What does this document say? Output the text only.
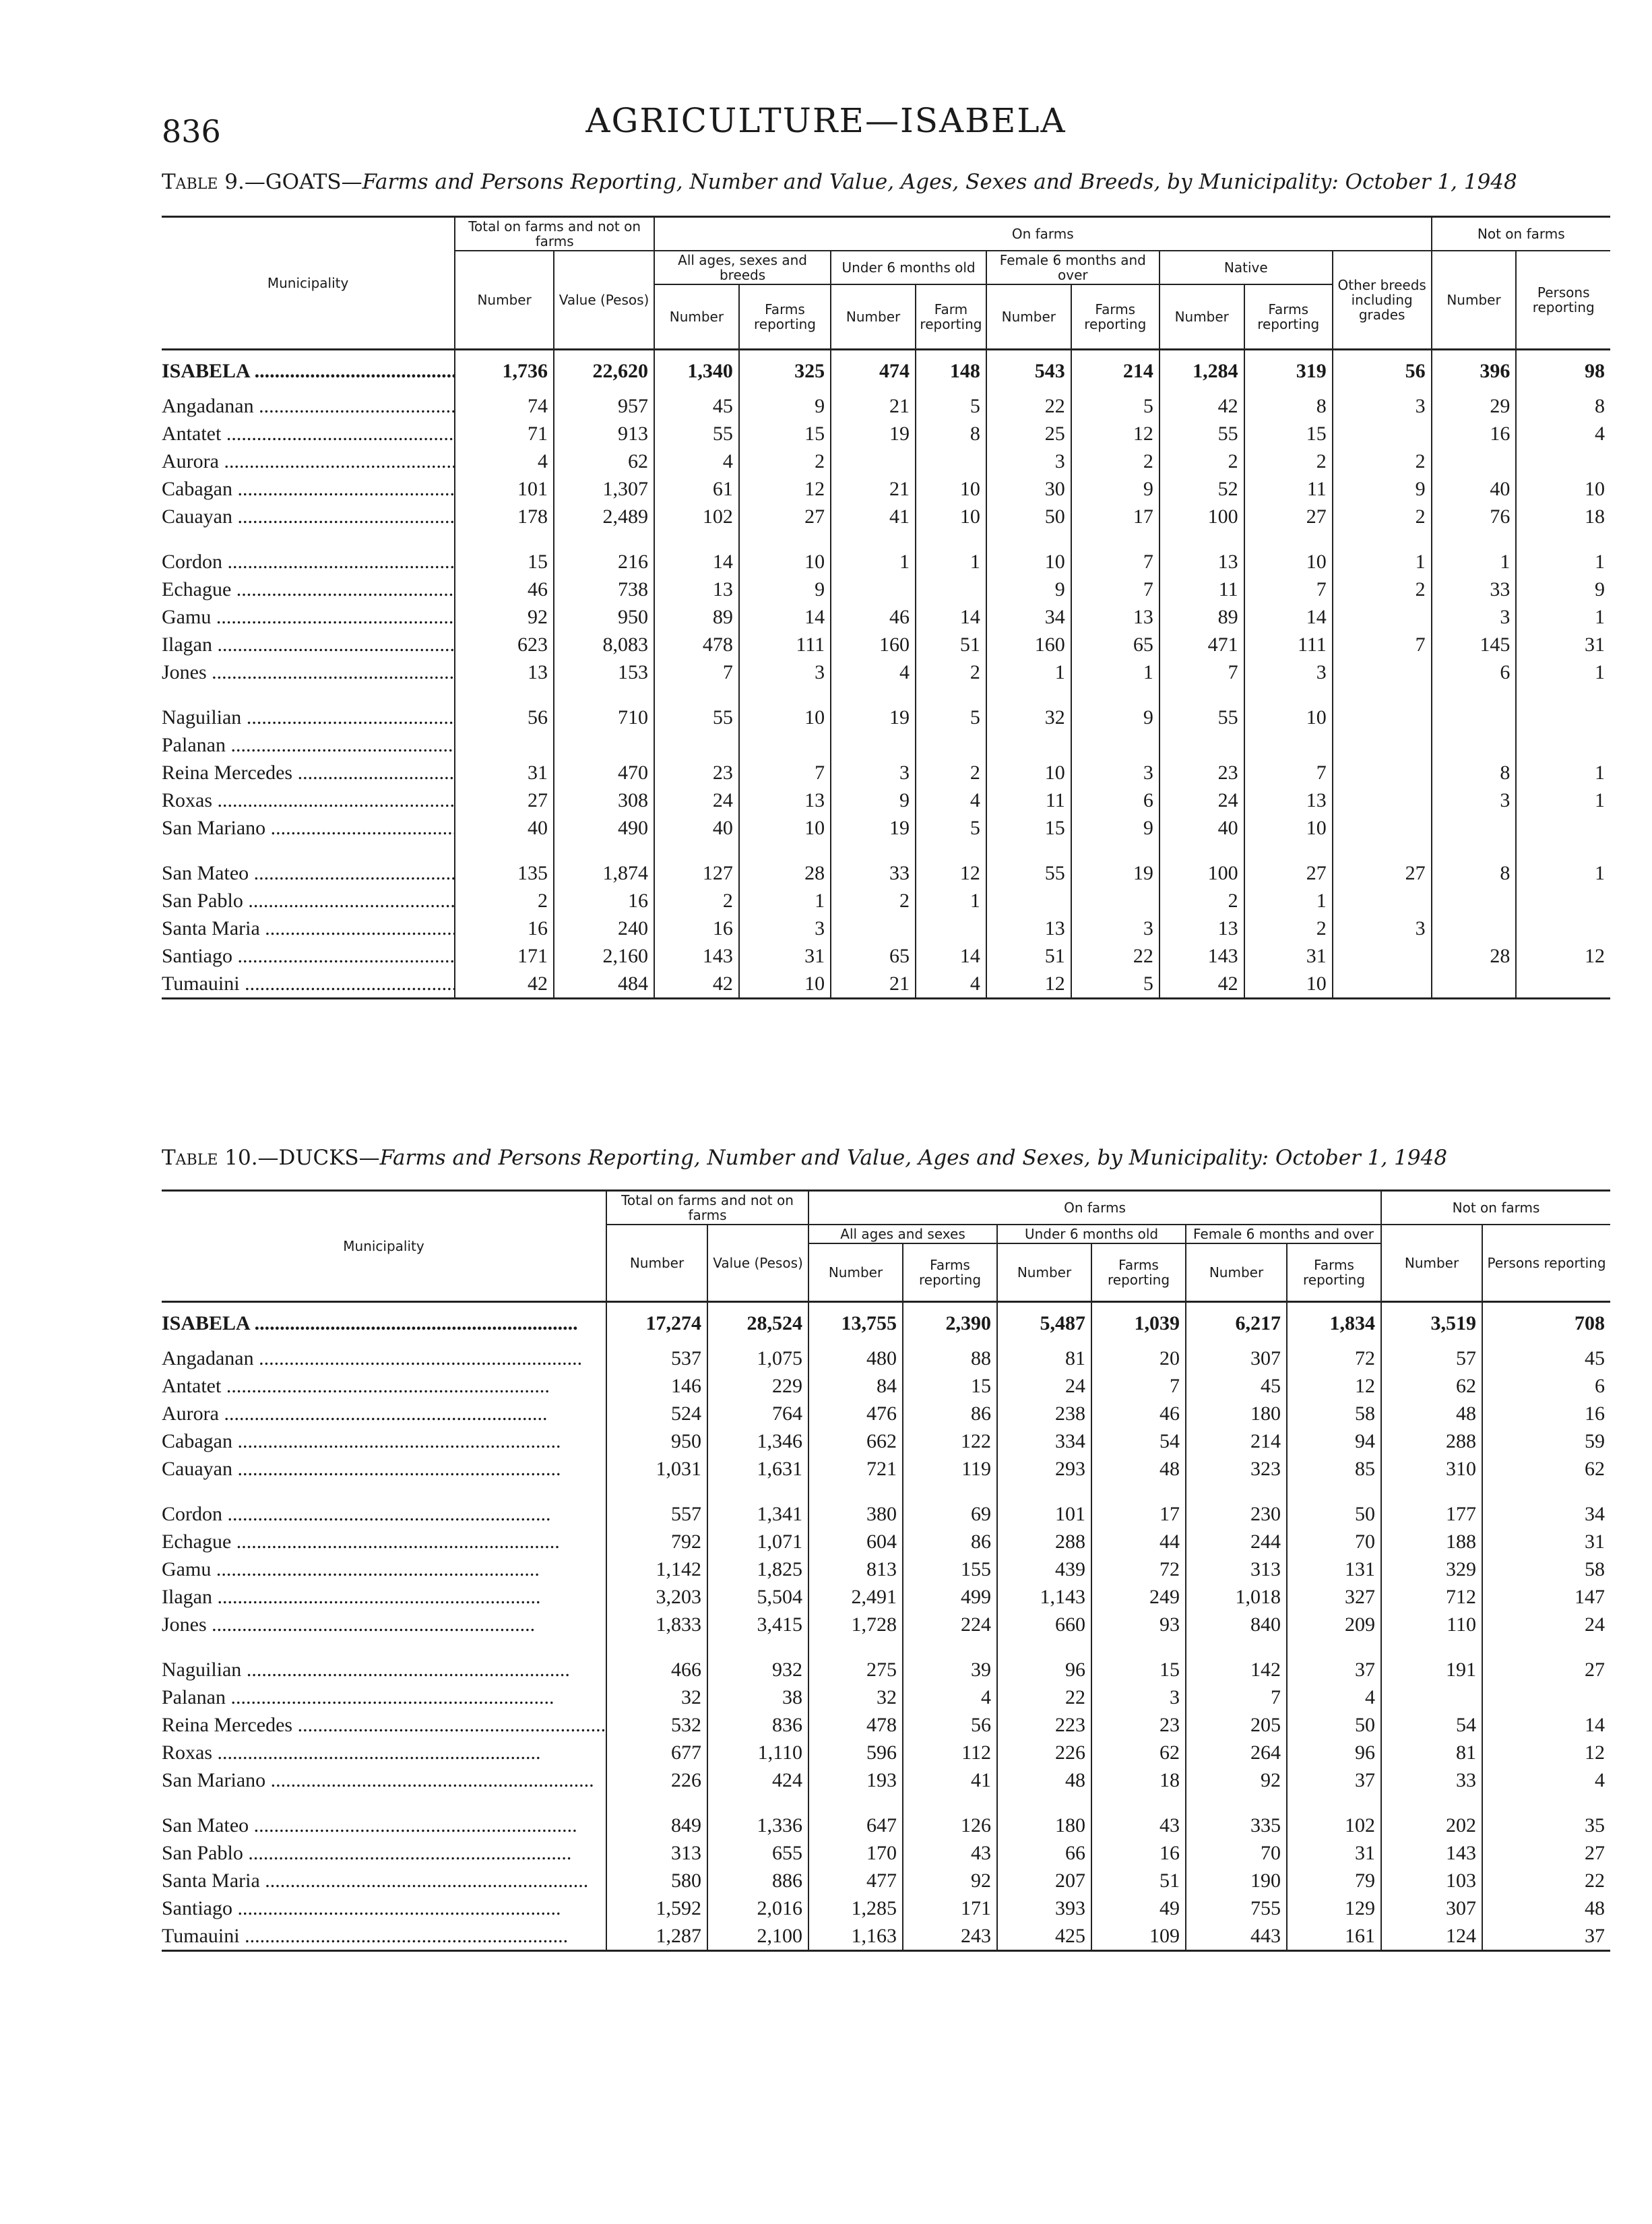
836	AGRICULTURE—ISABELA
Table 9.—GOATS—Farms and Persons Reporting, Number and Value, Ages, Sexes and Breeds, by Municipality: October 1, 1948
Municipality	Total on farms and not on farms		On farms									Not on farms	
	Number	Value (Pesos)	All ages, sexes and breeds		Under 6 months old		Female 6 months and over		Native		Other breeds including grades	Number	Persons reporting
			Number	Farms reporting	Number	Farm reporting	Number	Farms reporting	Number	Farms reporting			
ISABELA .....	1,736	22,620	1,340	325	474	148	543	214	1,284	319	56	396	98
Angadanan .....	74	957	45	9	21	5	22	5	42	8	3	29	8
Antatet .....	71	913	55	15	19	8	25	12	55	15		16	4
Aurora .....	4	62	4	2			3	2	2	2	2		
Cabagan .....	101	1,307	61	12	21	10	30	9	52	11	9	40	10
Cauayan .....	178	2,489	102	27	41	10	50	17	100	27	2	76	18

Cordon .....	15	216	14	10	1	1	10	7	13	10	1	1	1
Echague .....	46	738	13	9			9	7	11	7	2	33	9
Gamu .....	92	950	89	14	46	14	34	13	89	14		3	1
Ilagan .....	623	8,083	478	111	160	51	160	65	471	111	7	145	31
Jones .....	13	153	7	3	4	2	1	1	7	3		6	1

Naguilian .....	56	710	55	10	19	5	32	9	55	10			
Palanan .....													
Reina Mercedes .....	31	470	23	7	3	2	10	3	23	7		8	1
Roxas .....	27	308	24	13	9	4	11	6	24	13		3	1
San Mariano .....	40	490	40	10	19	5	15	9	40	10			

San Mateo .....	135	1,874	127	28	33	12	55	19	100	27	27	8	1
San Pablo .....	2	16	2	1	2	1			2	1			
Santa Maria .....	16	240	16	3			13	3	13	2	3		
Santiago .....	171	2,160	143	31	65	14	51	22	143	31		28	12
Tumauini .....	42	484	42	10	21	4	12	5	42	10			
Table 10.—DUCKS—Farms and Persons Reporting, Number and Value, Ages and Sexes, by Municipality: October 1, 1948
Municipality	Total on farms and not on farms		On farms						Not on farms	
	Number	Value (Pesos)	All ages and sexes		Under 6 months old		Female 6 months and over		Number	Persons reporting
			Number	Farms reporting	Number	Farms reporting	Number	Farms reporting		
ISABELA .....	17,274	28,524	13,755	2,390	5,487	1,039	6,217	1,834	3,519	708
Angadanan .....	537	1,075	480	88	81	20	307	72	57	45
Antatet .....	146	229	84	15	24	7	45	12	62	6
Aurora .....	524	764	476	86	238	46	180	58	48	16
Cabagan .....	950	1,346	662	122	334	54	214	94	288	59
Cauayan .....	1,031	1,631	721	119	293	48	323	85	310	62

Cordon .....	557	1,341	380	69	101	17	230	50	177	34
Echague .....	792	1,071	604	86	288	44	244	70	188	31
Gamu .....	1,142	1,825	813	155	439	72	313	131	329	58
Ilagan .....	3,203	5,504	2,491	499	1,143	249	1,018	327	712	147
Jones .....	1,833	3,415	1,728	224	660	93	840	209	110	24

Naguilian .....	466	932	275	39	96	15	142	37	191	27
Palanan .....	32	38	32	4	22	3	7	4		
Reina Mercedes .....	532	836	478	56	223	23	205	50	54	14
Roxas .....	677	1,110	596	112	226	62	264	96	81	12
San Mariano .....	226	424	193	41	48	18	92	37	33	4

San Mateo .....	849	1,336	647	126	180	43	335	102	202	35
San Pablo .....	313	655	170	43	66	16	70	31	143	27
Santa Maria .....	580	886	477	92	207	51	190	79	103	22
Santiago .....	1,592	2,016	1,285	171	393	49	755	129	307	48
Tumauini .....	1,287	2,100	1,163	243	425	109	443	161	124	37
